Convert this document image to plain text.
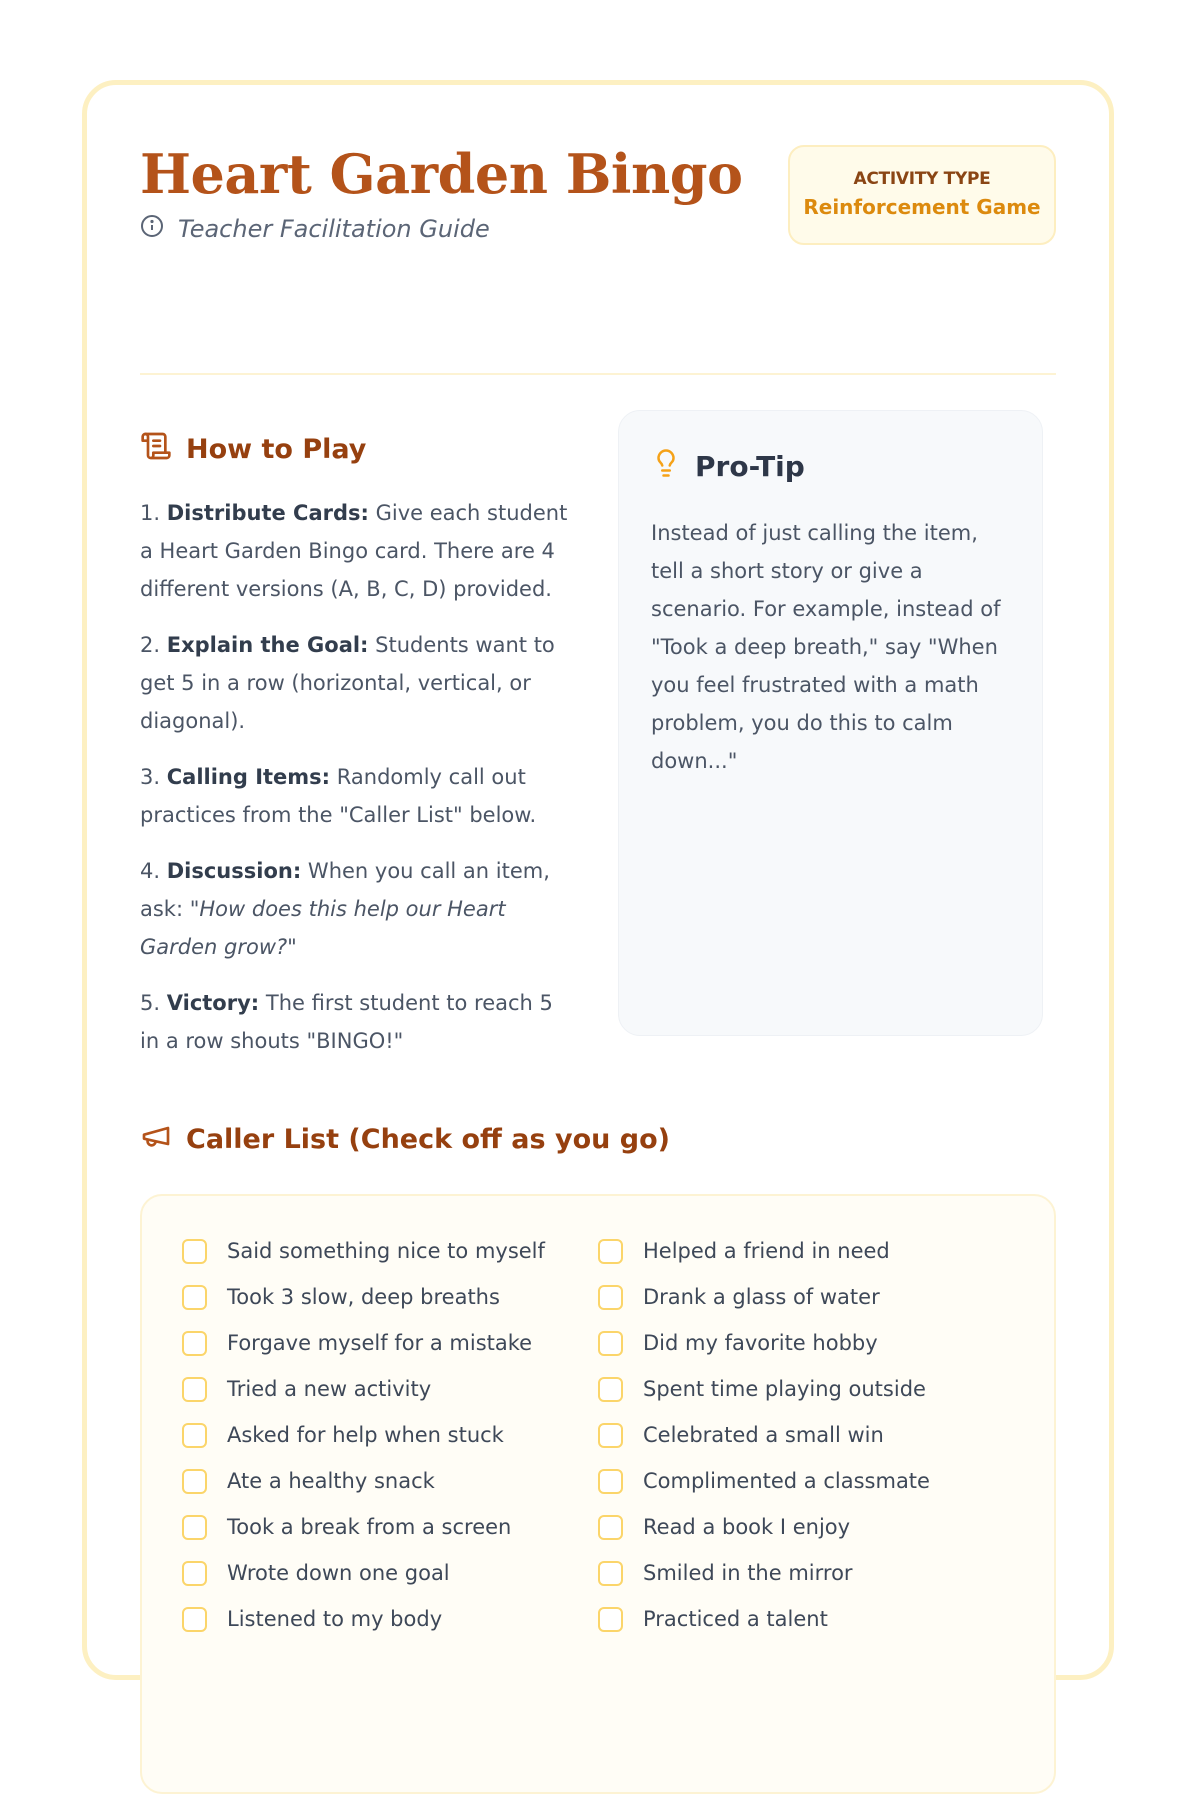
Heart Garden Bingo
Teacher Facilitation Guide
ACTIVITY TYPE
Reinforcement Game
How to Play
1. Distribute Cards: Give each student a Heart Garden Bingo card. There are 4 different versions (A, B, C, D) provided.
2. Explain the Goal: Students want to get 5 in a row (horizontal, vertical, or diagonal).
3. Calling Items: Randomly call out practices from the "Caller List" below.
4. Discussion: When you call an item, ask: "How does this help our Heart Garden grow?"
5. Victory: The first student to reach 5 in a row shouts "BINGO!"
Pro-Tip
Instead of just calling the item, tell a short story or give a scenario. For example, instead of "Took a deep breath," say "When you feel frustrated with a math problem, you do this to calm down..."
Caller List (Check off as you go)
Said something nice to myself
Took 3 slow, deep breaths
Forgave myself for a mistake
Tried a new activity
Asked for help when stuck
Ate a healthy snack
Took a break from a screen
Wrote down one goal
Listened to my body
Helped a friend in need
Drank a glass of water
Did my favorite hobby
Spent time playing outside
Celebrated a small win
Complimented a classmate
Read a book I enjoy
Smiled in the mirror
Practiced a talent
